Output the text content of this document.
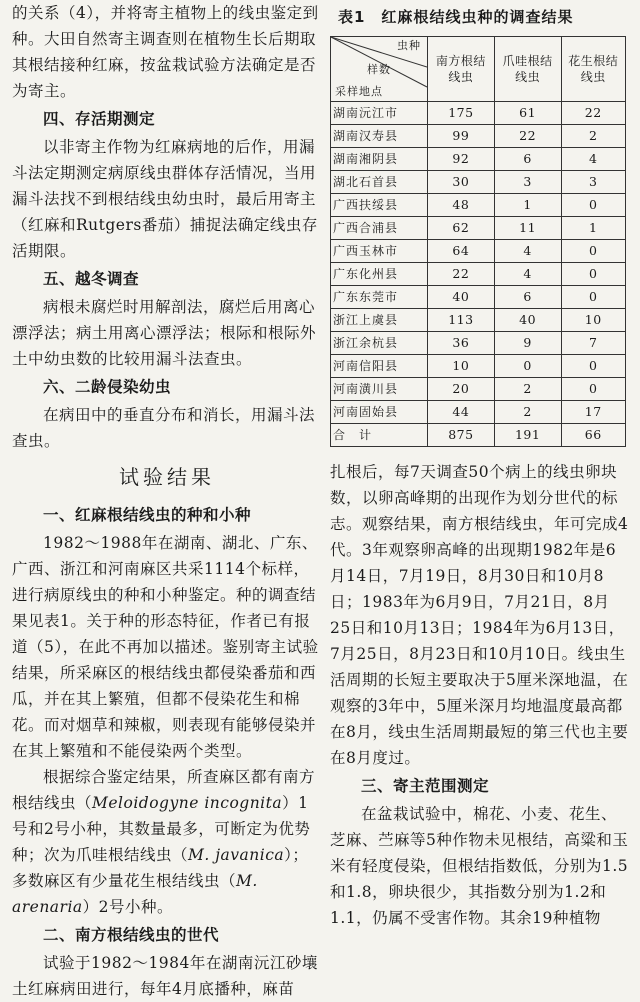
的关系（4），并将寄主植物上的线虫鉴定到种。大田自然寄主调查则在植物生长后期取其根结接种红麻，按盆栽试验方法确定是否为寄主。

四、存活期测定

以非寄主作物为红麻病地的后作，用漏斗法定期测定病原线虫群体存活情况，当用漏斗法找不到根结线虫幼虫时，最后用寄主（红麻和Rutgers番茄）捕捉法确定线虫存活期限。

五、越冬调查

病根未腐烂时用解剖法，腐烂后用离心漂浮法；病土用离心漂浮法；根际和根际外土中幼虫数的比较用漏斗法查虫。

六、二龄侵染幼虫

在病田中的垂直分布和消长，用漏斗法查虫。

试验结果

一、红麻根结线虫的种和小种

1982～1988年在湖南、湖北、广东、广西、浙江和河南麻区共采1114个标样，进行病原线虫的种和小种鉴定。种的调查结果见表1。关于种的形态特征，作者已有报道（5），在此不再加以描述。鉴别寄主试验结果，所采麻区的根结线虫都侵染番茄和西瓜，并在其上繁殖，但都不侵染花生和棉花。而对烟草和辣椒，则表现有能够侵染并在其上繁殖和不能侵染两个类型。

根据综合鉴定结果，所查麻区都有南方根结线虫（Meloidogyne incognita）1号和2号小种，其数量最多，可断定为优势种；次为爪哇根结线虫（M. javanica）；多数麻区有少量花生根结线虫（M. arenaria）2号小种。

二、南方根结线虫的世代

试验于1982～1984年在湖南沅江砂壤土红麻病田进行，每年4月底播种，麻苗

表1　红麻根结线虫种的调查结果

虫种
样数
采样地点	南方根结线虫	爪哇根结线虫	花生根结线虫
湖南沅江市	175	61	22
湖南汉寿县	99	22	2
湖南湘阴县	92	6	4
湖北石首县	30	3	3
广西扶绥县	48	1	0
广西合浦县	62	11	1
广西玉林市	64	4	0
广东化州县	22	4	0
广东东莞市	40	6	0
浙江上虞县	113	40	10
浙江余杭县	36	9	7
河南信阳县	10	0	0
河南潢川县	20	2	0
河南固始县	44	2	17
合　计	875	191	66

扎根后，每7天调查50个病上的线虫卵块数，以卵高峰期的出现作为划分世代的标志。观察结果，南方根结线虫，年可完成4代。3年观察卵高峰的出现期1982年是6月14日，7月19日，8月30日和10月8日；1983年为6月9日，7月21日，8月25日和10月13日；1984年为6月13日，7月25日，8月23日和10月10日。线虫生活周期的长短主要取决于5厘米深地温，在观察的3年中，5厘米深月均地温度最高都在8月，线虫生活周期最短的第三代也主要在8月度过。

三、寄主范围测定

在盆栽试验中，棉花、小麦、花生、芝麻、苎麻等5种作物未见根结，高粱和玉米有轻度侵染，但根结指数低，分别为1.5和1.8，卵块很少，其指数分别为1.2和1.1，仍属不受害作物。其余19种植物
